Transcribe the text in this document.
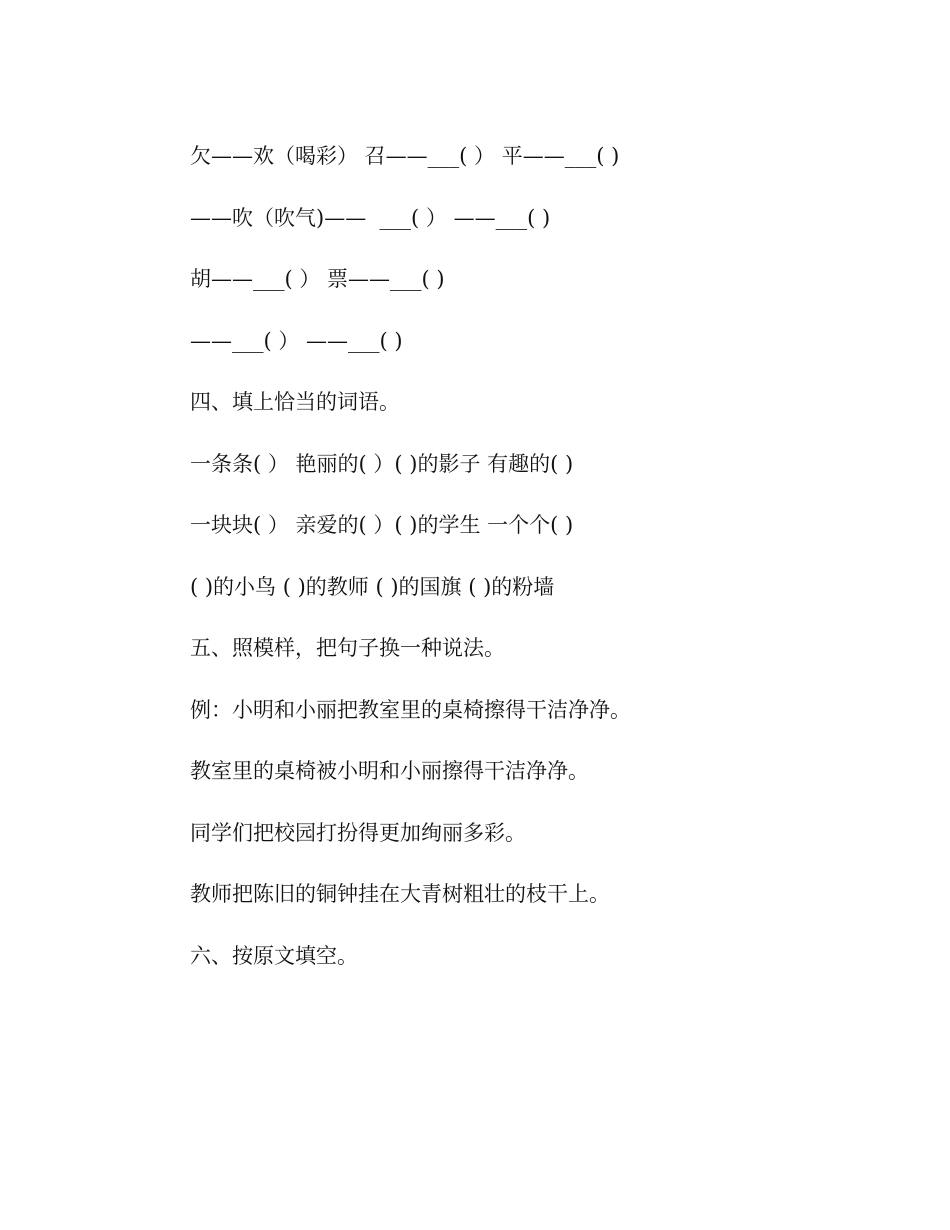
欠——欢（喝彩） 召——___( ） 平——___( )
——吹（吹气)——  ___( ） ——___( )
胡——___( ） 票——___( )
——___( ） ——___( )
四、填上恰当的词语。
一条条( ） 艳丽的( ）( )的影子 有趣的( )
一块块( ） 亲爱的( ）( )的学生 一个个( )
( )的小鸟 ( )的教师 ( )的国旗 ( )的粉墙
五、照模样，把句子换一种说法。
例：小明和小丽把教室里的桌椅擦得干洁净净。
教室里的桌椅被小明和小丽擦得干洁净净。
同学们把校园打扮得更加绚丽多彩。
教师把陈旧的铜钟挂在大青树粗壮的枝干上。
六、按原文填空。
